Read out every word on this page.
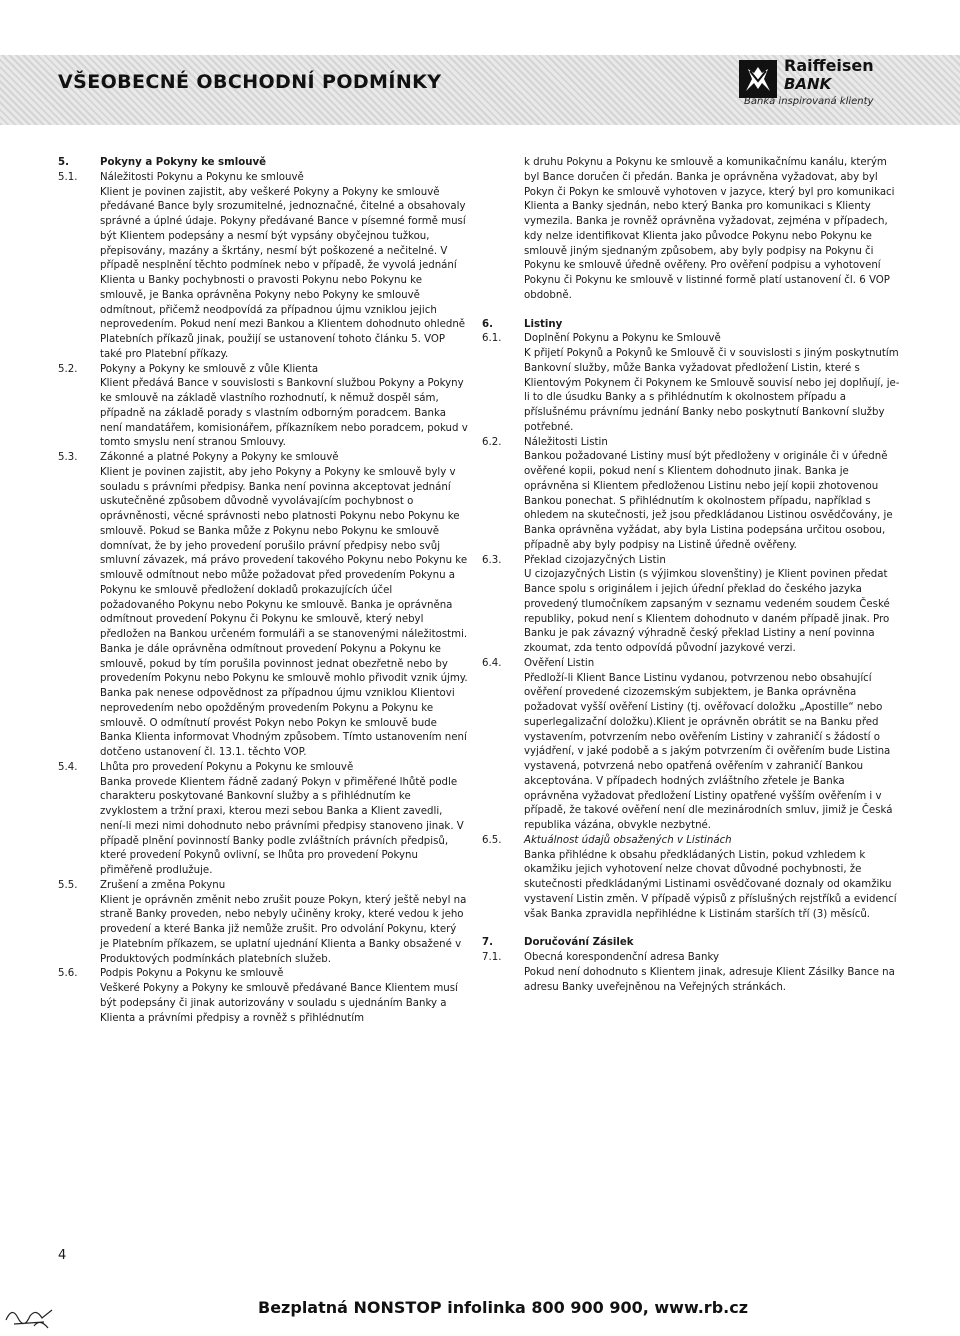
VŠEOBECNÉ OBCHODNÍ PODMÍNKY
Raiffeisen
BANK
Banka inspirovaná klienty
5.	Pokyny a Pokyny ke smlouvě
5.1.	Náležitosti Pokynu a Pokynu ke smlouvě

Klient je povinen zajistit, aby veškeré Pokyny a Pokyny ke smlouvě předávané Bance byly srozumitelné, jednoznačné, čitelné a obsahovaly správné a úplné údaje. Pokyny předávané Bance v písemné formě musí být Klientem podepsány a nesmí být vypsány obyčejnou tužkou, přepisovány, mazány a škrtány, nesmí být poškozené a nečitelné. V případě nesplnění těchto podmínek nebo v případě, že vyvolá jednání Klienta u Banky pochybnosti o pravosti Pokynu nebo Pokynu ke smlouvě, je Banka oprávněna Pokyny nebo Pokyny ke smlouvě odmítnout, přičemž neodpovídá za případnou újmu vzniklou jejich neprovedením. Pokud není mezi Bankou a Klientem dohodnuto ohledně Platebních příkazů jinak, použijí se ustanovení tohoto článku 5. VOP také pro Platební příkazy.

5.2.	Pokyny a Pokyny ke smlouvě z vůle Klienta

Klient předává Bance v souvislosti s Bankovní službou Pokyny a Pokyny ke smlouvě na základě vlastního rozhodnutí, k němuž dospěl sám, případně na základě porady s vlastním odborným poradcem. Banka není mandatářem, komisionářem, příkazníkem nebo poradcem, pokud v tomto smyslu není stranou Smlouvy.

5.3.	Zákonné a platné Pokyny a Pokyny ke smlouvě

Klient je povinen zajistit, aby jeho Pokyny a Pokyny ke smlouvě byly v souladu s právními předpisy. Banka není povinna akceptovat jednání uskutečněné způsobem důvodně vyvolávajícím pochybnost o oprávněnosti, věcné správnosti nebo platnosti Pokynu nebo Pokynu ke smlouvě. Pokud se Banka může z Pokynu nebo Pokynu ke smlouvě domnívat, že by jeho provedení porušilo právní předpisy nebo svůj smluvní závazek, má právo provedení takového Pokynu nebo Pokynu ke smlouvě odmítnout nebo může požadovat před provedením Pokynu a Pokynu ke smlouvě předložení dokladů prokazujících účel požadovaného Pokynu nebo Pokynu ke smlouvě. Banka je oprávněna odmítnout provedení Pokynu či Pokynu ke smlouvě, který nebyl předložen na Bankou určeném formuláři a se stanovenými náležitostmi. Banka je dále oprávněna odmítnout provedení Pokynu a Pokynu ke smlouvě, pokud by tím porušila povinnost jednat obezřetně nebo by provedením Pokynu nebo Pokynu ke smlouvě mohlo přivodit vznik újmy. Banka pak nenese odpovědnost za případnou újmu vzniklou Klientovi neprovedením nebo opožděným provedením Pokynu a Pokynu ke smlouvě. O odmítnutí provést Pokyn nebo Pokyn ke smlouvě bude Banka Klienta informovat Vhodným způsobem. Tímto ustanovením není dotčeno ustanovení čl. 13.1. těchto VOP.

5.4.	Lhůta pro provedení Pokynu a Pokynu ke smlouvě

Banka provede Klientem řádně zadaný Pokyn v přiměřené lhůtě podle charakteru poskytované Bankovní služby a s přihlédnutím ke zvyklostem a tržní praxi, kterou mezi sebou Banka a Klient zavedli, není-li mezi nimi dohodnuto nebo právními předpisy stanoveno jinak. V případě plnění povinností Banky podle zvláštních právních předpisů, které provedení Pokynů ovlivní, se lhůta pro provedení Pokynu přiměřeně prodlužuje.

5.5.	Zrušení a změna Pokynu

Klient je oprávněn změnit nebo zrušit pouze Pokyn, který ještě nebyl na straně Banky proveden, nebo nebyly učiněny kroky, které vedou k jeho provedení a které Banka již nemůže zrušit. Pro odvolání Pokynu, který je Platebním příkazem, se uplatní ujednání Klienta a Banky obsažené v Produktových podmínkách platebních služeb.

5.6.	Podpis Pokynu a Pokynu ke smlouvě

Veškeré Pokyny a Pokyny ke smlouvě předávané Bance Klientem musí být podepsány či jinak autorizovány v souladu s ujednáním Banky a Klienta a právními předpisy a rovněž s přihlédnutím

k druhu Pokynu a Pokynu ke smlouvě a komunikačnímu kanálu, kterým byl Bance doručen či předán. Banka je oprávněna vyžadovat, aby byl Pokyn či Pokyn ke smlouvě vyhotoven v jazyce, který byl pro komunikaci Klienta a Banky sjednán, nebo který Banka pro komunikaci s Klienty vymezila. Banka je rovněž oprávněna vyžadovat, zejména v případech, kdy nelze identifikovat Klienta jako původce Pokynu nebo Pokynu ke smlouvě jiným sjednaným způsobem, aby byly podpisy na Pokynu či Pokynu ke smlouvě úředně ověřeny. Pro ověření podpisu a vyhotovení Pokynu či Pokynu ke smlouvě v listinné formě platí ustanovení čl. 6 VOP obdobně.

6.	Listiny
6.1.	Doplnění Pokynu a Pokynu ke Smlouvě

K přijetí Pokynů a Pokynů ke Smlouvě či v souvislosti s jiným poskytnutím Bankovní služby, může Banka vyžadovat předložení Listin, které s Klientovým Pokynem či Pokynem ke Smlouvě souvisí nebo jej doplňují, je-li to dle úsudku Banky a s přihlédnutím k okolnostem případu a příslušnému právnímu jednání Banky nebo poskytnutí Bankovní služby potřebné.

6.2.	Náležitosti Listin

Bankou požadované Listiny musí být předloženy v originále či v úředně ověřené kopii, pokud není s Klientem dohodnuto jinak. Banka je oprávněna si Klientem předloženou Listinu nebo její kopii zhotovenou Bankou ponechat. S přihlédnutím k okolnostem případu, například s ohledem na skutečnosti, jež jsou předkládanou Listinou osvědčovány, je Banka oprávněna vyžádat, aby byla Listina podepsána určitou osobou, případně aby byly podpisy na Listině úředně ověřeny.

6.3.	Překlad cizojazyčných Listin

U cizojazyčných Listin (s výjimkou slovenštiny) je Klient povinen předat Bance spolu s originálem i jejich úřední překlad do českého jazyka provedený tlumočníkem zapsaným v seznamu vedeném soudem České republiky, pokud není s Klientem dohodnuto v daném případě jinak. Pro Banku je pak závazný výhradně český překlad Listiny a není povinna zkoumat, zda tento odpovídá původní jazykové verzi.

6.4.	Ověření Listin

Předloží-li Klient Bance Listinu vydanou, potvrzenou nebo obsahující ověření provedené cizozemským subjektem, je Banka oprávněna požadovat vyšší ověření Listiny (tj. ověřovací doložku „Apostille“ nebo superlegalizační doložku).Klient je oprávněn obrátit se na Banku před vystavením, potvrzením nebo ověřením Listiny v zahraničí s žádostí o vyjádření, v jaké podobě a s jakým potvrzením či ověřením bude Listina vystavená, potvrzená nebo opatřená ověřením v zahraničí Bankou akceptována. V případech hodných zvláštního zřetele je Banka oprávněna vyžadovat předložení Listiny opatřené vyšším ověřením i v případě, že takové ověření není dle mezinárodních smluv, jimiž je Česká republika vázána, obvykle nezbytné.

6.5.	Aktuálnost údajů obsažených v Listinách

Banka přihlédne k obsahu předkládaných Listin, pokud vzhledem k okamžiku jejich vyhotovení nelze chovat důvodné pochybnosti, že skutečnosti předkládanými Listinami osvědčované doznaly od okamžiku vystavení Listin změn. V případě výpisů z příslušných rejstříků a evidencí však Banka zpravidla nepřihlédne k Listinám starších tří (3) měsíců.

7.	Doručování Zásilek
7.1.	Obecná korespondenční adresa Banky

Pokud není dohodnuto s Klientem jinak, adresuje Klient Zásilky Bance na adresu Banky uveřejněnou na Veřejných stránkách.

4
Bezplatná NONSTOP infolinka 800 900 900, www.rb.cz
